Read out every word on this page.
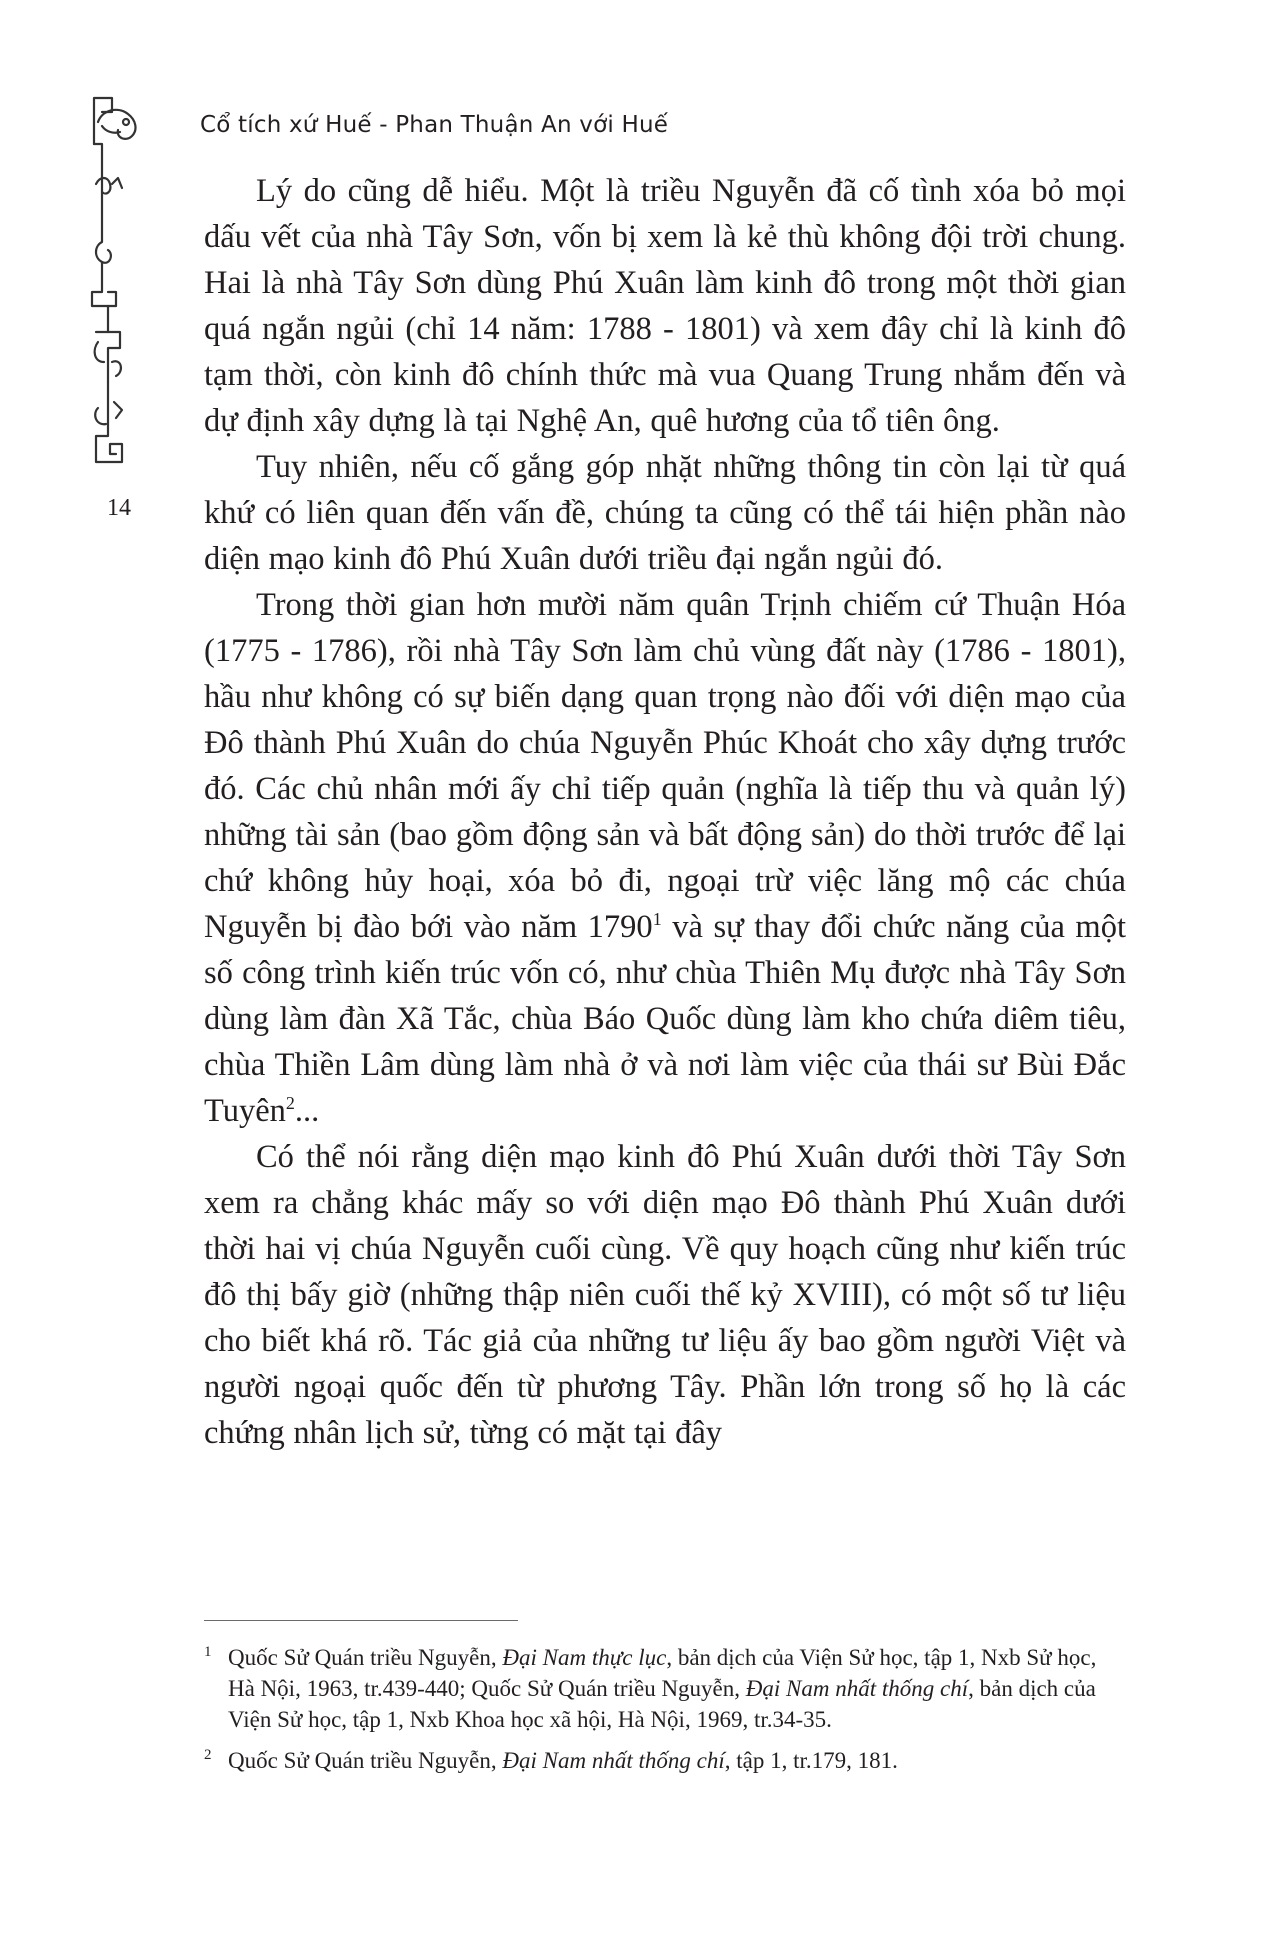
Cổ tích xứ Huế - Phan Thuận An với Huế
14

Lý do cũng dễ hiểu. Một là triều Nguyễn đã cố tình xóa bỏ mọi dấu vết của nhà Tây Sơn, vốn bị xem là kẻ thù không đội trời chung. Hai là nhà Tây Sơn dùng Phú Xuân làm kinh đô trong một thời gian quá ngắn ngủi (chỉ 14 năm: 1788 - 1801) và xem đây chỉ là kinh đô tạm thời, còn kinh đô chính thức mà vua Quang Trung nhắm đến và dự định xây dựng là tại Nghệ An, quê hương của tổ tiên ông.

Tuy nhiên, nếu cố gắng góp nhặt những thông tin còn lại từ quá khứ có liên quan đến vấn đề, chúng ta cũng có thể tái hiện phần nào diện mạo kinh đô Phú Xuân dưới triều đại ngắn ngủi đó.

Trong thời gian hơn mười năm quân Trịnh chiếm cứ Thuận Hóa (1775 - 1786), rồi nhà Tây Sơn làm chủ vùng đất này (1786 - 1801), hầu như không có sự biến dạng quan trọng nào đối với diện mạo của Đô thành Phú Xuân do chúa Nguyễn Phúc Khoát cho xây dựng trước đó. Các chủ nhân mới ấy chỉ tiếp quản (nghĩa là tiếp thu và quản lý) những tài sản (bao gồm động sản và bất động sản) do thời trước để lại chứ không hủy hoại, xóa bỏ đi, ngoại trừ việc lăng mộ các chúa Nguyễn bị đào bới vào năm 1790$^1$ và sự thay đổi chức năng của một số công trình kiến trúc vốn có, như chùa Thiên Mụ được nhà Tây Sơn dùng làm đàn Xã Tắc, chùa Báo Quốc dùng làm kho chứa diêm tiêu, chùa Thiền Lâm dùng làm nhà ở và nơi làm việc của thái sư Bùi Đắc Tuyên$^2$...

Có thể nói rằng diện mạo kinh đô Phú Xuân dưới thời Tây Sơn xem ra chẳng khác mấy so với diện mạo Đô thành Phú Xuân dưới thời hai vị chúa Nguyễn cuối cùng. Về quy hoạch cũng như kiến trúc đô thị bấy giờ (những thập niên cuối thế kỷ XVIII), có một số tư liệu cho biết khá rõ. Tác giả của những tư liệu ấy bao gồm người Việt và người ngoại quốc đến từ phương Tây. Phần lớn trong số họ là các chứng nhân lịch sử, từng có mặt tại đây

1 Quốc Sử Quán triều Nguyễn, Đại Nam thực lục, bản dịch của Viện Sử học, tập 1, Nxb Sử học, Hà Nội, 1963, tr.439-440; Quốc Sử Quán triều Nguyễn, Đại Nam nhất thống chí, bản dịch của Viện Sử học, tập 1, Nxb Khoa học xã hội, Hà Nội, 1969, tr.34-35.
2 Quốc Sử Quán triều Nguyễn, Đại Nam nhất thống chí, tập 1, tr.179, 181.
